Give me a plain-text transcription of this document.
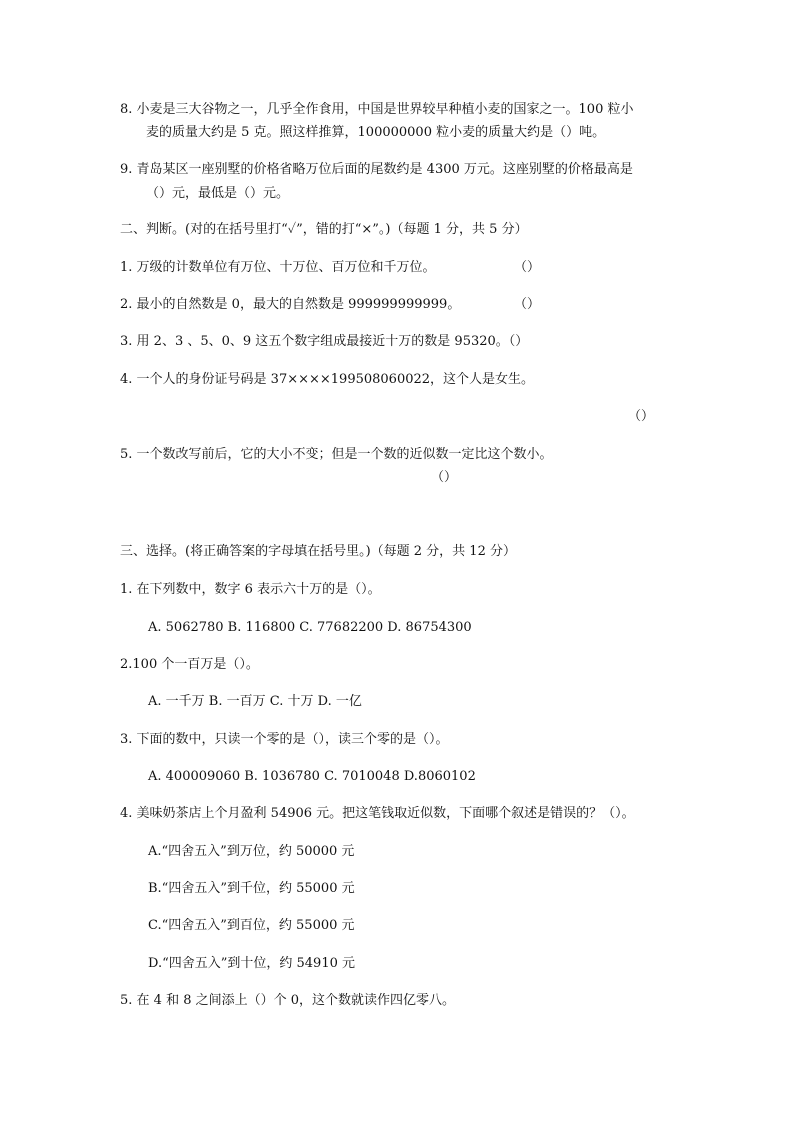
8. 小麦是三大谷物之一，几乎全作食用，中国是世界较早种植小麦的国家之一。100 粒小
麦的质量大约是 5 克。照这样推算，100000000 粒小麦的质量大约是（）吨。
9. 青岛某区一座别墅的价格省略万位后面的尾数约是 4300 万元。这座别墅的价格最高是
（）元，最低是（）元。
二、判断。(对的在括号里打“✓”，错的打“×”。)（每题 1 分，共 5 分）
1. 万级的计数单位有万位、十万位、百万位和千万位。	（）
2. 最小的自然数是 0，最大的自然数是 999999999999。	（）
3. 用 2、3 、5、0、9 这五个数字组成最接近十万的数是 95320。（）
4. 一个人的身份证号码是 37××××199508060022，这个人是女生。
（）
5. 一个数改写前后，它的大小不变；但是一个数的近似数一定比这个数小。
（）
三、选择。(将正确答案的字母填在括号里。)（每题 2 分，共 12 分）
1. 在下列数中，数字 6 表示六十万的是（）。
A. 5062780 B. 116800 C. 77682200 D. 86754300
2.100 个一百万是（）。
A. 一千万 B. 一百万 C. 十万 D. 一亿
3. 下面的数中，只读一个零的是（），读三个零的是（）。
A. 400009060 B. 1036780 C. 7010048 D.8060102
4. 美味奶茶店上个月盈利 54906 元。把这笔钱取近似数，下面哪个叙述是错误的？（）。
A.“四舍五入”到万位，约 50000 元
B.“四舍五入”到千位，约 55000 元
C.“四舍五入”到百位，约 55000 元
D.“四舍五入”到十位，约 54910 元
5. 在 4 和 8 之间添上（）个 0，这个数就读作四亿零八。
